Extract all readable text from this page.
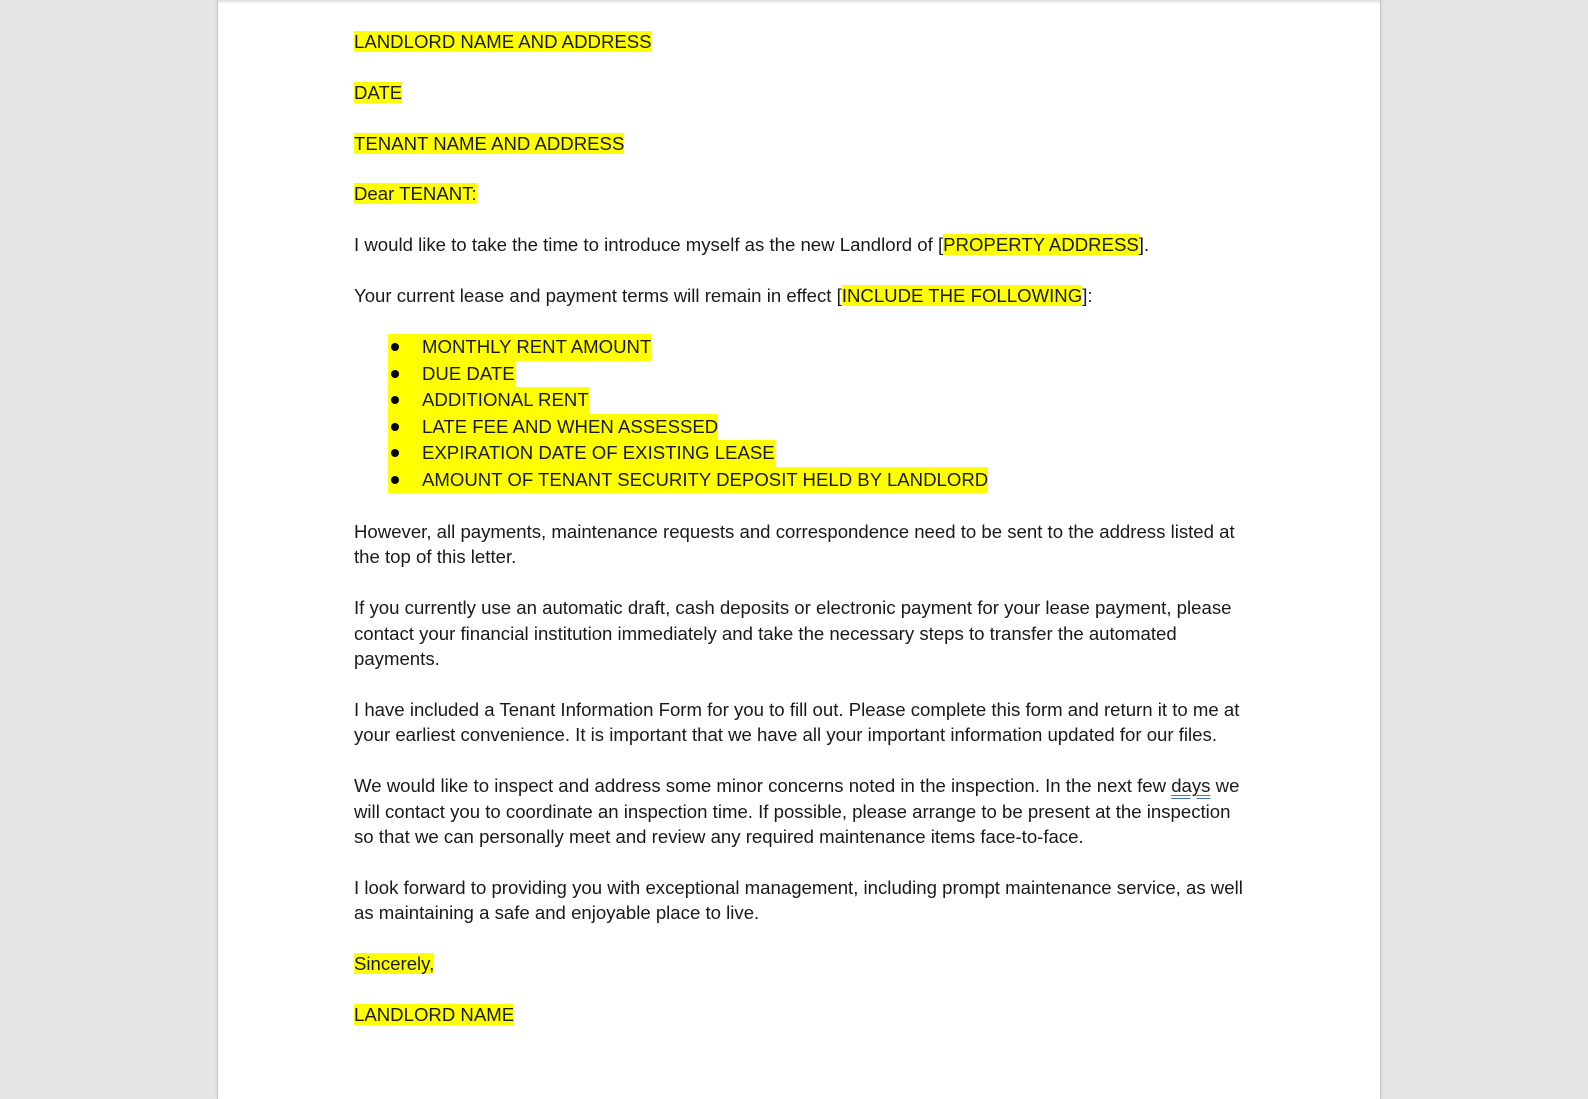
LANDLORD NAME AND ADDRESS

DATE

TENANT NAME AND ADDRESS

Dear TENANT:

I would like to take the time to introduce myself as the new Landlord of [PROPERTY ADDRESS].

Your current lease and payment terms will remain in effect [INCLUDE THE FOLLOWING]:

MONTHLY RENT AMOUNT
DUE DATE
ADDITIONAL RENT
LATE FEE AND WHEN ASSESSED
EXPIRATION DATE OF EXISTING LEASE
AMOUNT OF TENANT SECURITY DEPOSIT HELD BY LANDLORD

However, all payments, maintenance requests and correspondence need to be sent to the address listed at the top of this letter.

If you currently use an automatic draft, cash deposits or electronic payment for your lease payment, please contact your financial institution immediately and take the necessary steps to transfer the automated payments.

I have included a Tenant Information Form for you to fill out. Please complete this form and return it to me at your earliest convenience. It is important that we have all your important information updated for our files.

We would like to inspect and address some minor concerns noted in the inspection. In the next few days we will contact you to coordinate an inspection time. If possible, please arrange to be present at the inspection so that we can personally meet and review any required maintenance items face-to-face.

I look forward to providing you with exceptional management, including prompt maintenance service, as well as maintaining a safe and enjoyable place to live.

Sincerely,

LANDLORD NAME
